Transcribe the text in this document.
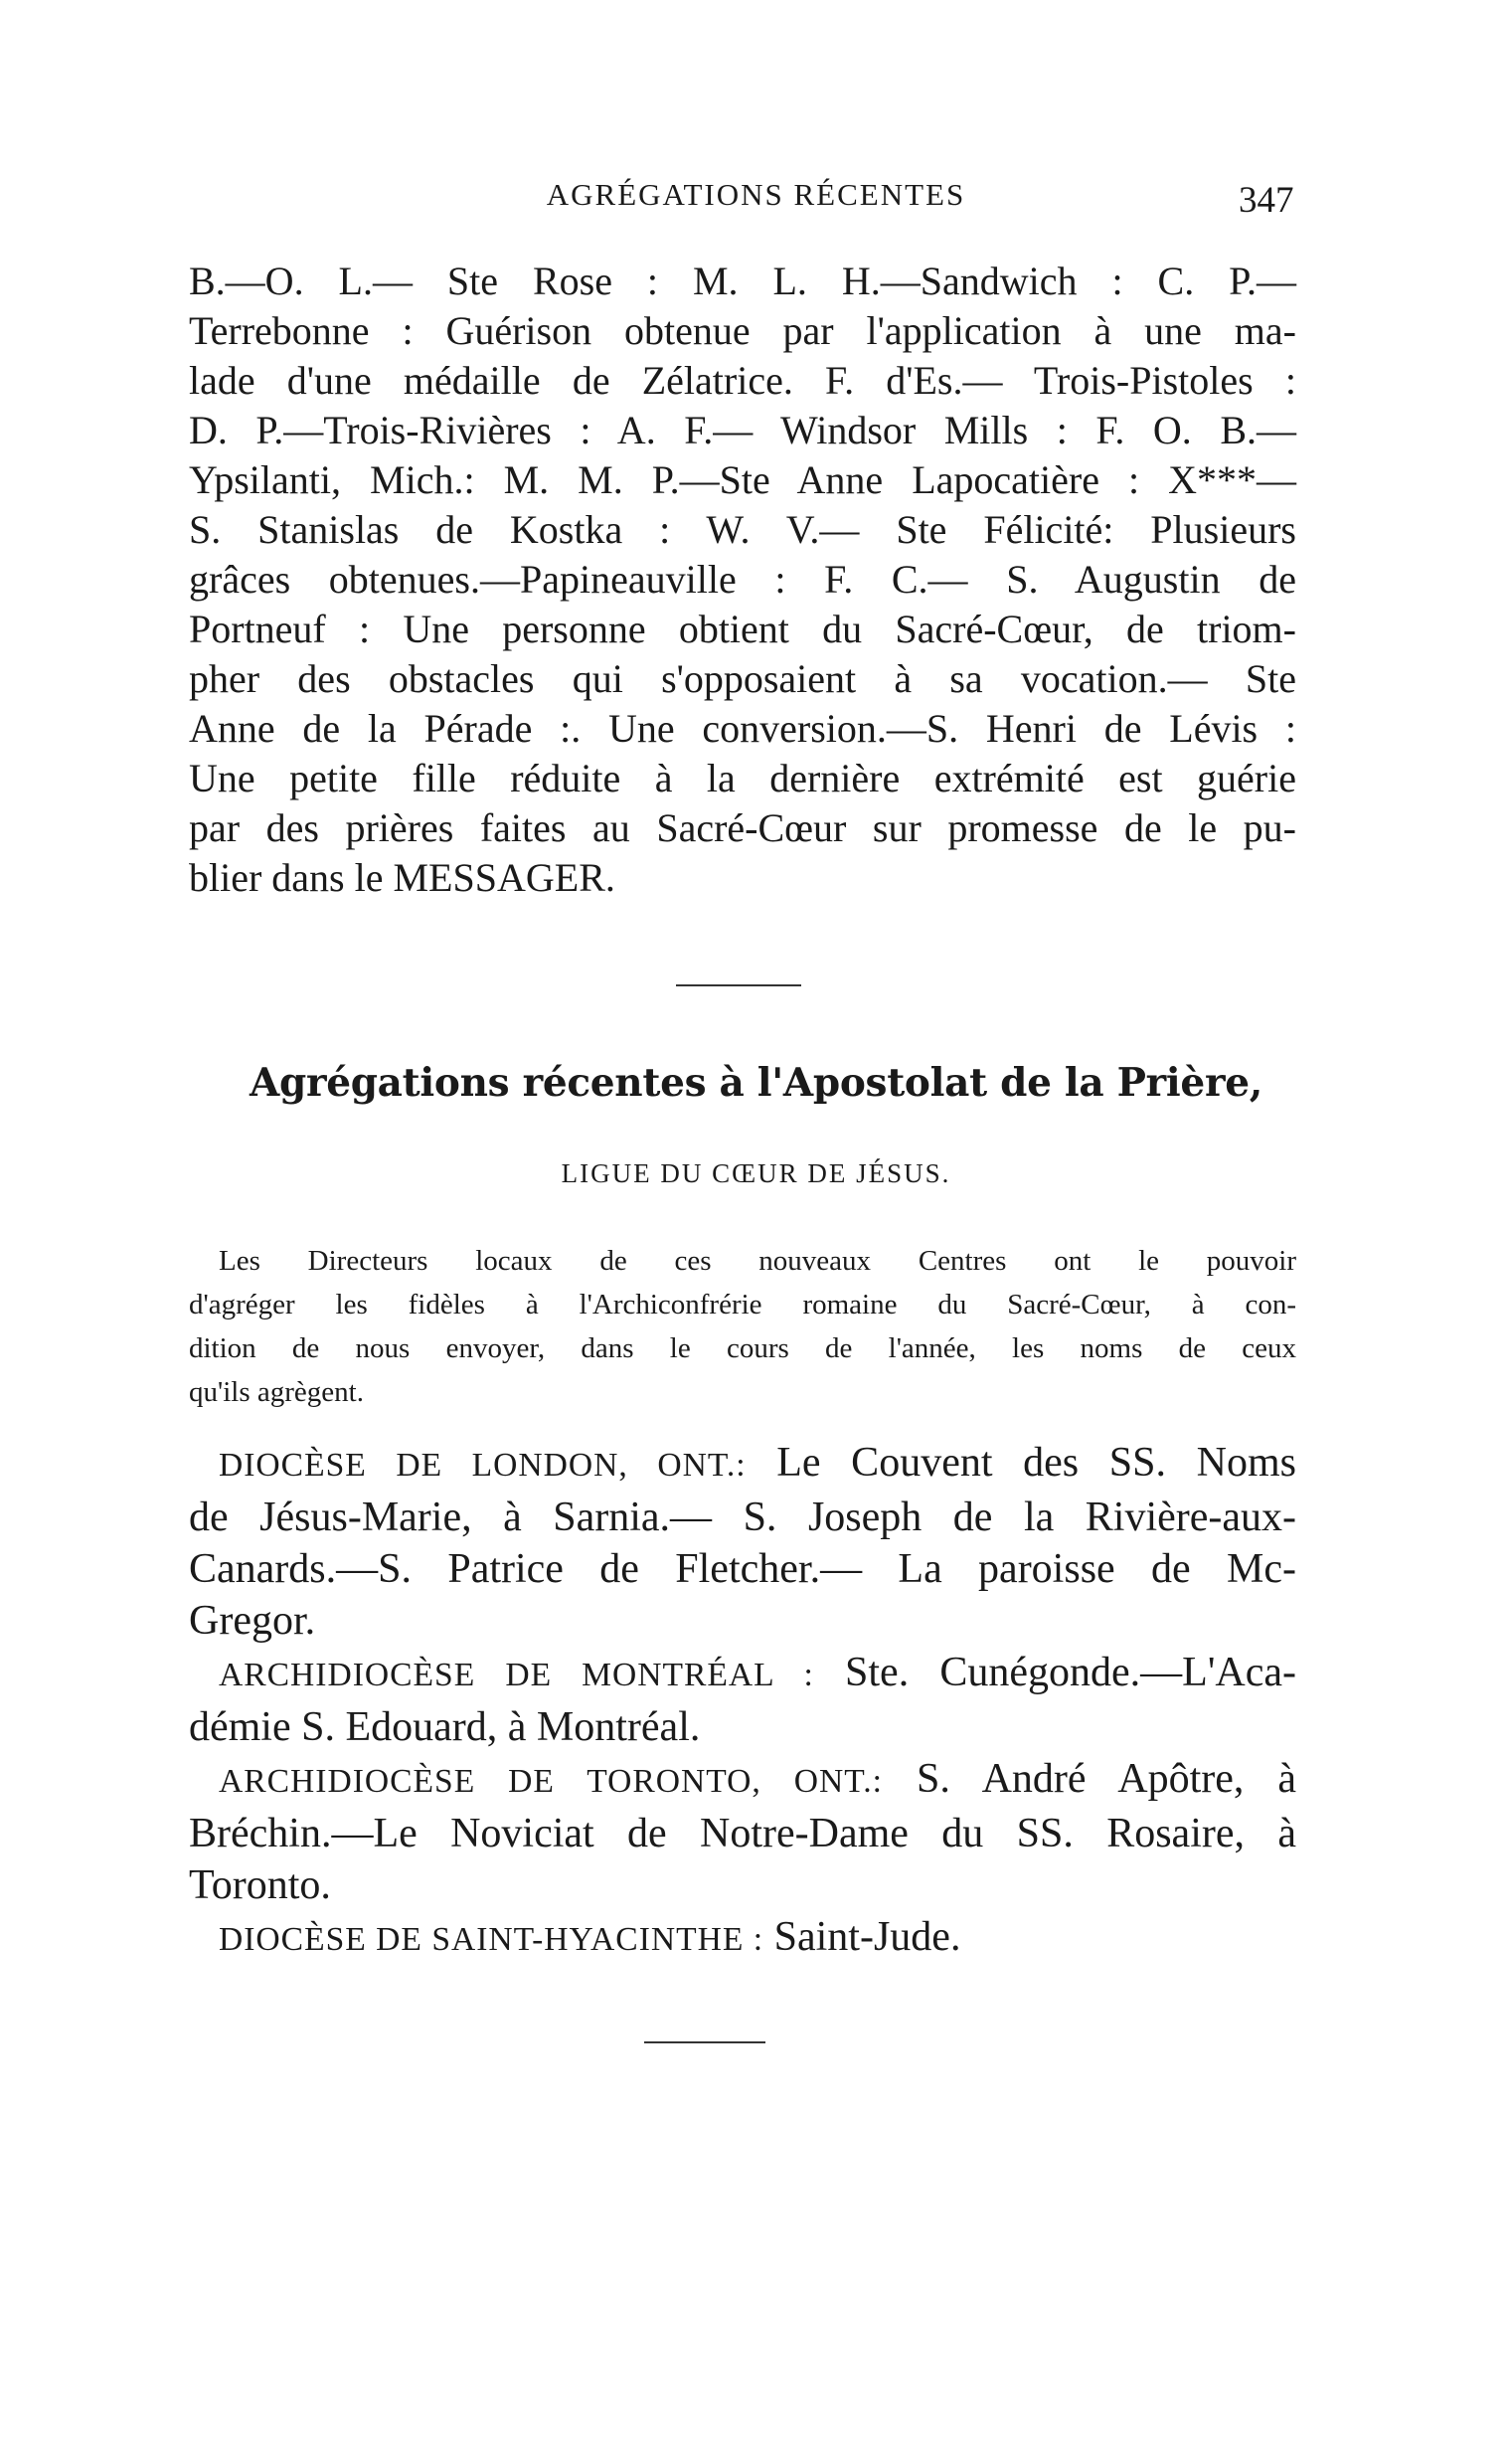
AGRÉGATIONS RÉCENTES	347
B.—O. L.— Ste Rose : M. L. H.—Sandwich : C. P.—
Terrebonne : Guérison obtenue par l'application à une ma-
lade d'une médaille de Zélatrice. F. d'Es.— Trois-Pistoles :
D. P.—Trois-Rivières : A. F.— Windsor Mills : F. O. B.—
Ypsilanti, Mich.: M. M. P.—Ste Anne Lapocatière : X***—
S. Stanislas de Kostka : W. V.— Ste Félicité: Plusieurs
grâces obtenues.—Papineauville : F. C.— S. Augustin de
Portneuf : Une personne obtient du Sacré-Cœur, de triom-
pher des obstacles qui s'opposaient à sa vocation.— Ste
Anne de la Pérade :. Une conversion.—S. Henri de Lévis :
Une petite fille réduite à la dernière extrémité est guérie
par des prières faites au Sacré-Cœur sur promesse de le pu-
blier dans le MESSAGER.
Agrégations récentes à l'Apostolat de la Prière,
LIGUE DU CŒUR DE JÉSUS.
Les Directeurs locaux de ces nouveaux Centres ont le pouvoir
d'agréger les fidèles à l'Archiconfrérie romaine du Sacré-Cœur, à con-
dition de nous envoyer, dans le cours de l'année, les noms de ceux
qu'ils agrègent.
DIOCÈSE DE LONDON, ONT.: Le Couvent des SS. Noms
de Jésus-Marie, à Sarnia.— S. Joseph de la Rivière-aux-
Canards.—S. Patrice de Fletcher.— La paroisse de Mc-
Gregor.
ARCHIDIOCÈSE DE MONTRÉAL : Ste. Cunégonde.—L'Aca-
démie S. Edouard, à Montréal.
ARCHIDIOCÈSE DE TORONTO, ONT.: S. André Apôtre, à
Bréchin.—Le Noviciat de Notre-Dame du SS. Rosaire, à
Toronto.
DIOCÈSE DE SAINT-HYACINTHE : Saint-Jude.
